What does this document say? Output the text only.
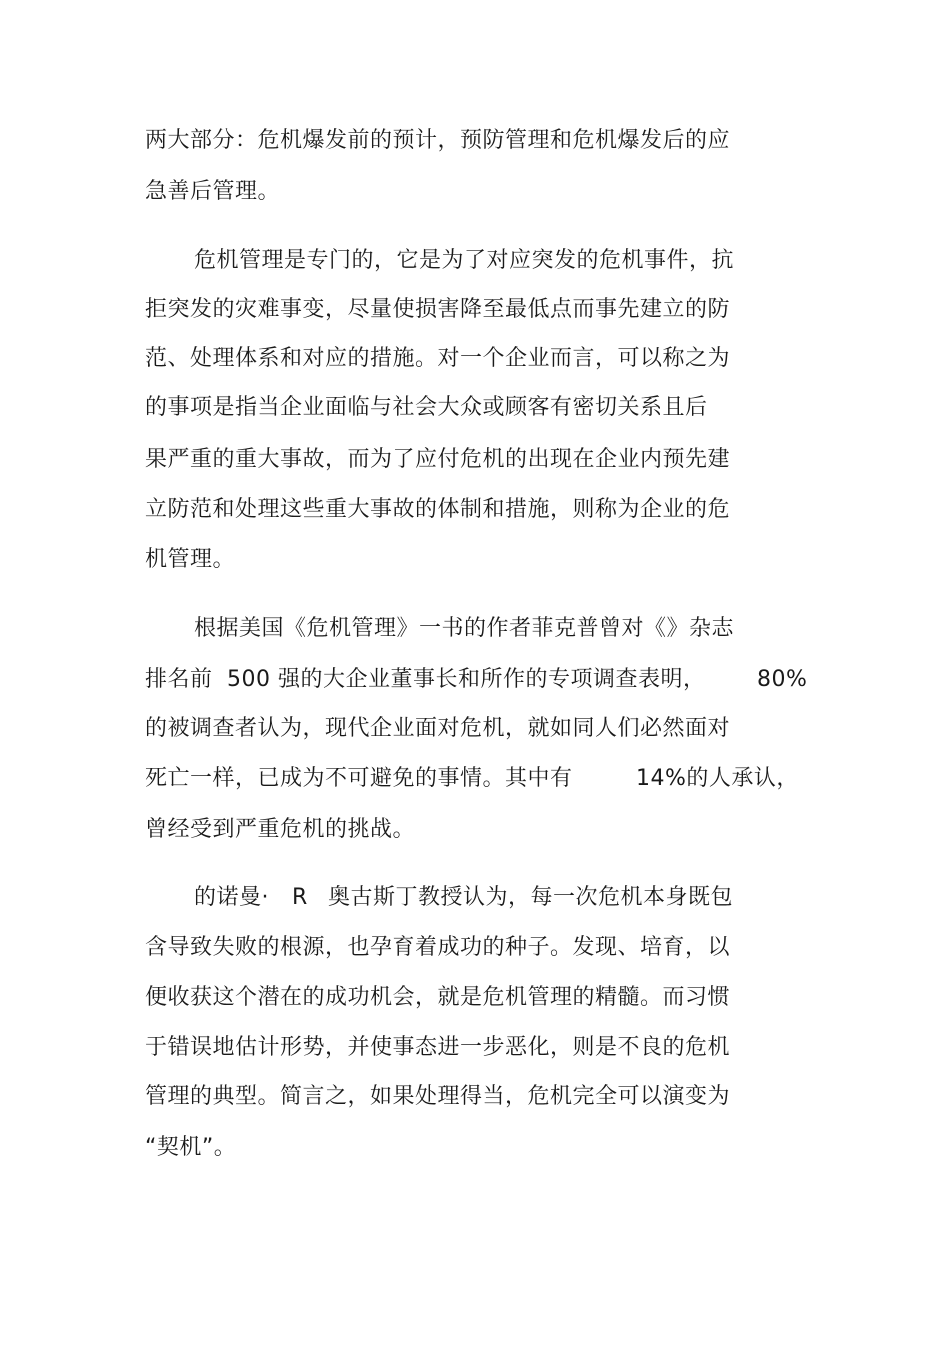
两大部分：危机爆发前的预计，预防管理和危机爆发后的应
急善后管理。
危机管理是专门的，它是为了对应突发的危机事件，抗
拒突发的灾难事变，尽量使损害降至最低点而事先建立的防
范、处理体系和对应的措施。对一个企业而言，可以称之为
的事项是指当企业面临与社会大众或顾客有密切关系且后
果严重的重大事故，而为了应付危机的出现在企业内预先建
立防范和处理这些重大事故的体制和措施，则称为企业的危
机管理。
根据美国《危机管理》一书的作者菲克普曾对《》杂志
排名前 500 强的大企业董事长和所作的专项调查表明， 80%
的被调查者认为，现代企业面对危机，就如同人们必然面对
死亡一样，已成为不可避免的事情。其中有	14%的人承认，
曾经受到严重危机的挑战。
的诺曼· R 奥古斯丁教授认为，每一次危机本身既包
含导致失败的根源，也孕育着成功的种子。发现、培育，以
便收获这个潜在的成功机会，就是危机管理的精髓。而习惯
于错误地估计形势，并使事态进一步恶化，则是不良的危机
管理的典型。简言之，如果处理得当，危机完全可以演变为
“契机”。
